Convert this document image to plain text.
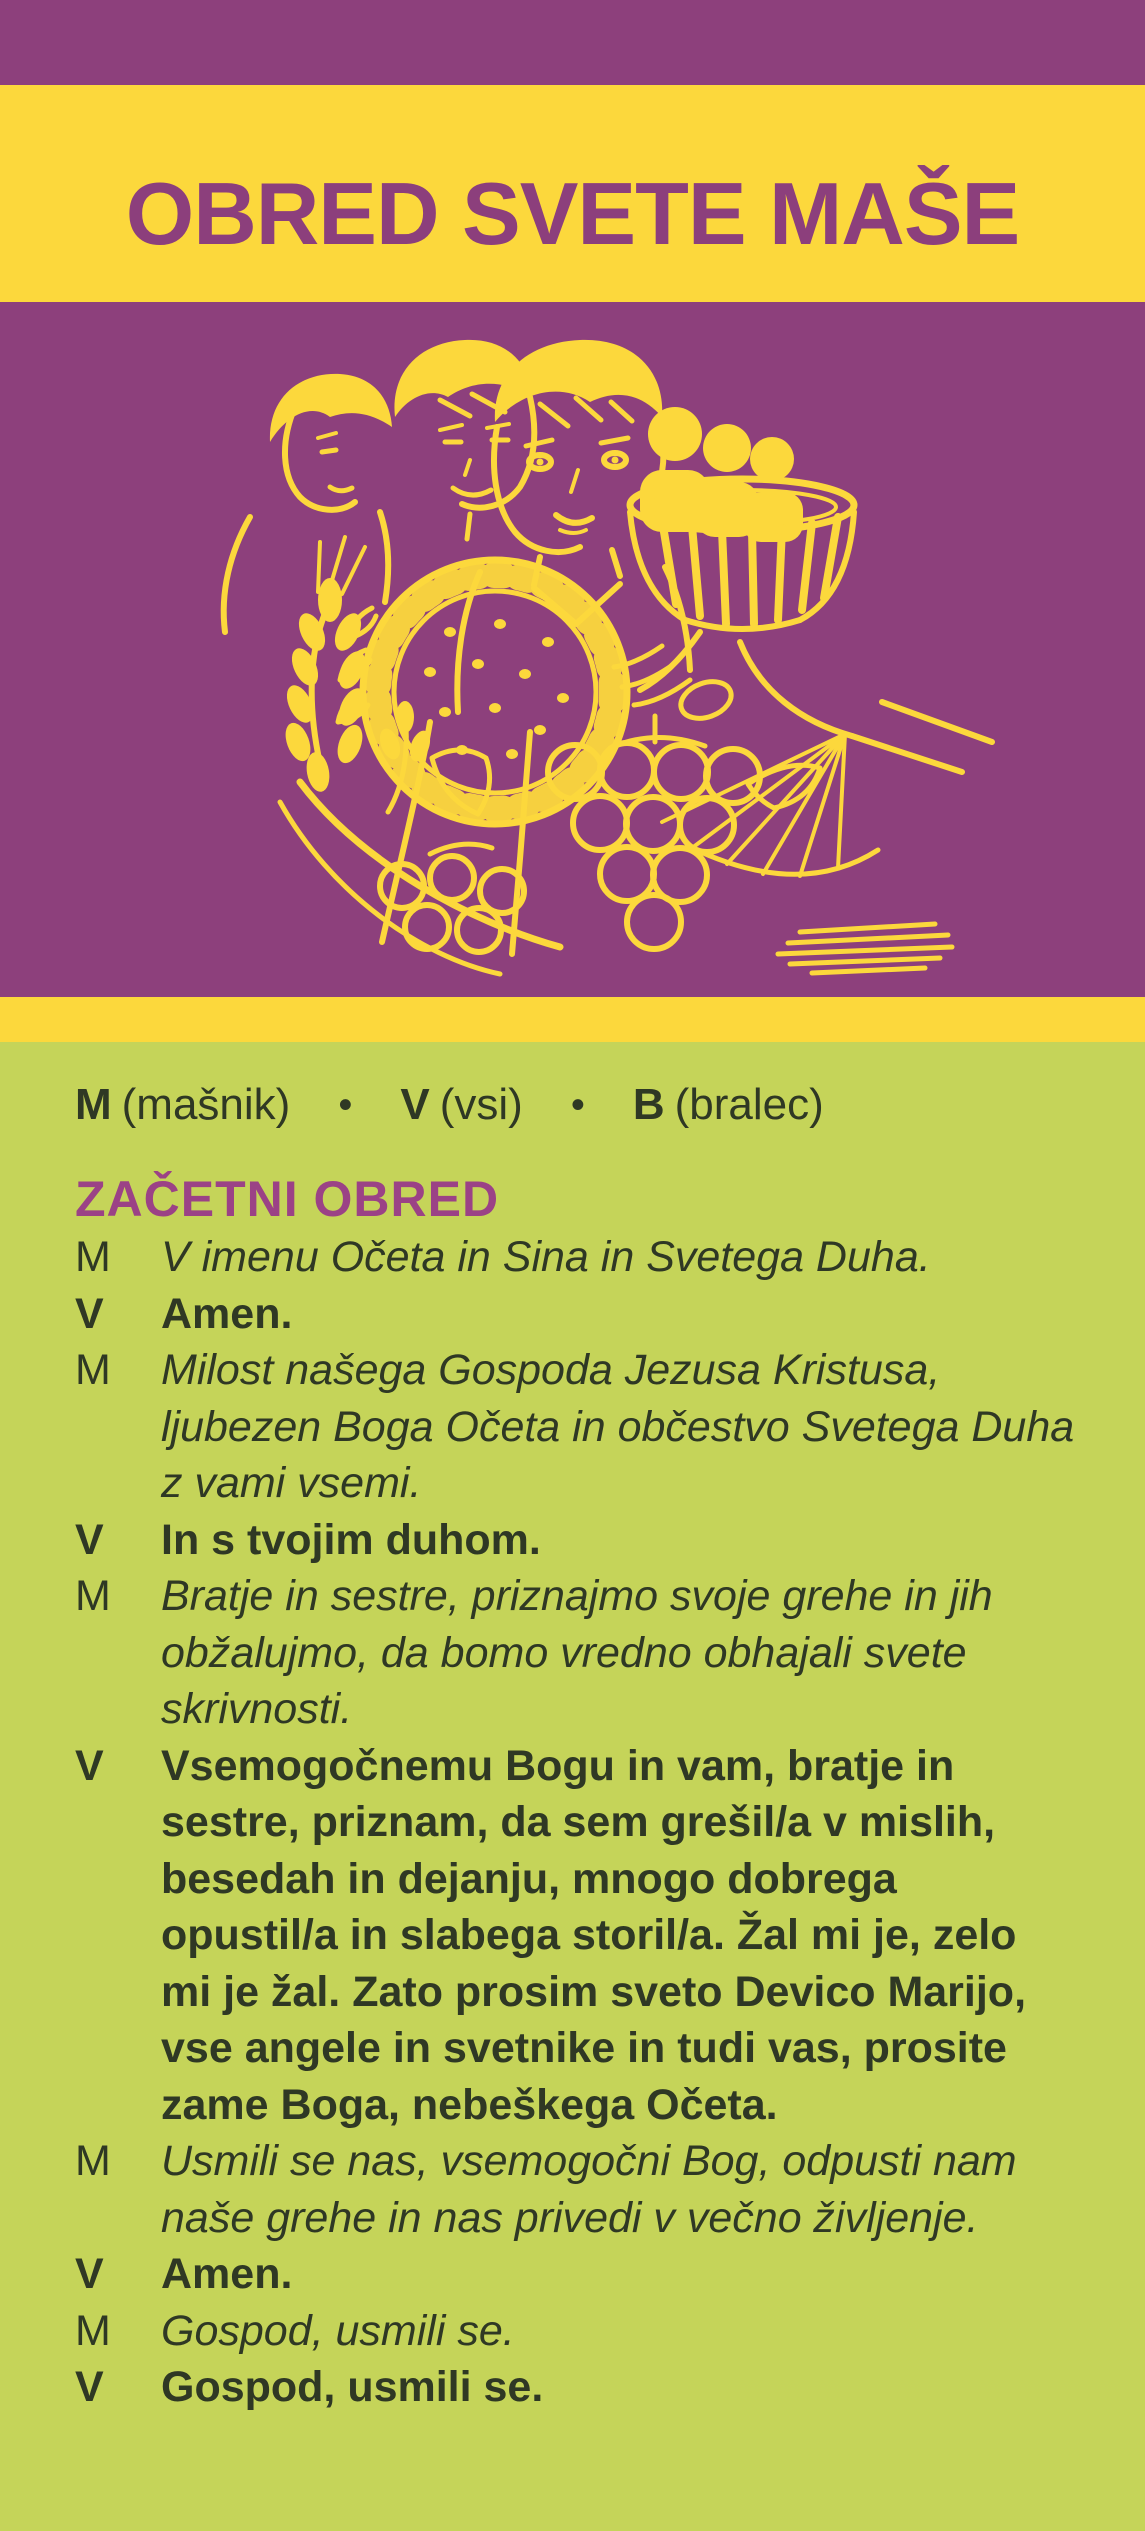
OBRED SVETE MAŠE
M (mašnik) • V (vsi) • B (bralec)
ZAČETNI OBRED
M	V imenu Očeta in Sina in Svetega Duha.
V	Amen.
M	Milost našega Gospoda Jezusa Kristusa,
ljubezen Boga Očeta in občestvo Svetega Duha
z vami vsemi.
V	In s tvojim duhom.
M	Bratje in sestre, priznajmo svoje grehe in jih
obžalujmo, da bomo vredno obhajali svete
skrivnosti.
V	Vsemogočnemu Bogu in vam, bratje in
sestre, priznam, da sem grešil/a v mislih,
besedah in dejanju, mnogo dobrega
opustil/a in slabega storil/a. Žal mi je, zelo
mi je žal. Zato prosim sveto Devico Marijo,
vse angele in svetnike in tudi vas, prosite
zame Boga, nebeškega Očeta.
M	Usmili se nas, vsemogočni Bog, odpusti nam
naše grehe in nas privedi v večno življenje.
V	Amen.
M	Gospod, usmili se.
V	Gospod, usmili se.
